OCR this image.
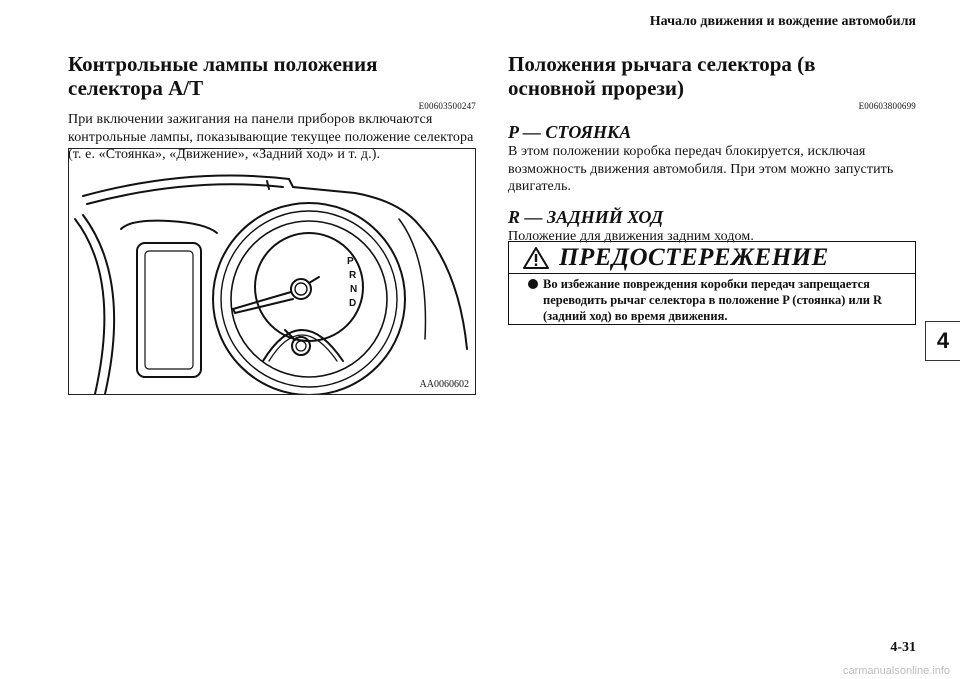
Начало движения и вождение автомобиля
Контрольные лампы положения селектора A/T
E00603500247

При включении зажигания на панели приборов включаются контрольные лампы, показывающие текущее положение селектора (т. е. «Стоянка», «Движение», «Задний ход» и т. д.).

P
R
N
D
AA0060602
Положения рычага селектора (в основной прорези)
E00603800699
P — СТОЯНКА

В этом положении коробка передач блокируется, исключая возможность движения автомобиля. При этом можно запустить двигатель.

R — ЗАДНИЙ ХОД

Положение для движения задним ходом.

ПРЕДОСТЕРЕЖЕНИЕ
Во избежание повреждения коробки передач запрещается переводить рычаг селектора в положение P (стоянка) или R (задний ход) во время движения.
4
4-31
carmanualsonline.info
